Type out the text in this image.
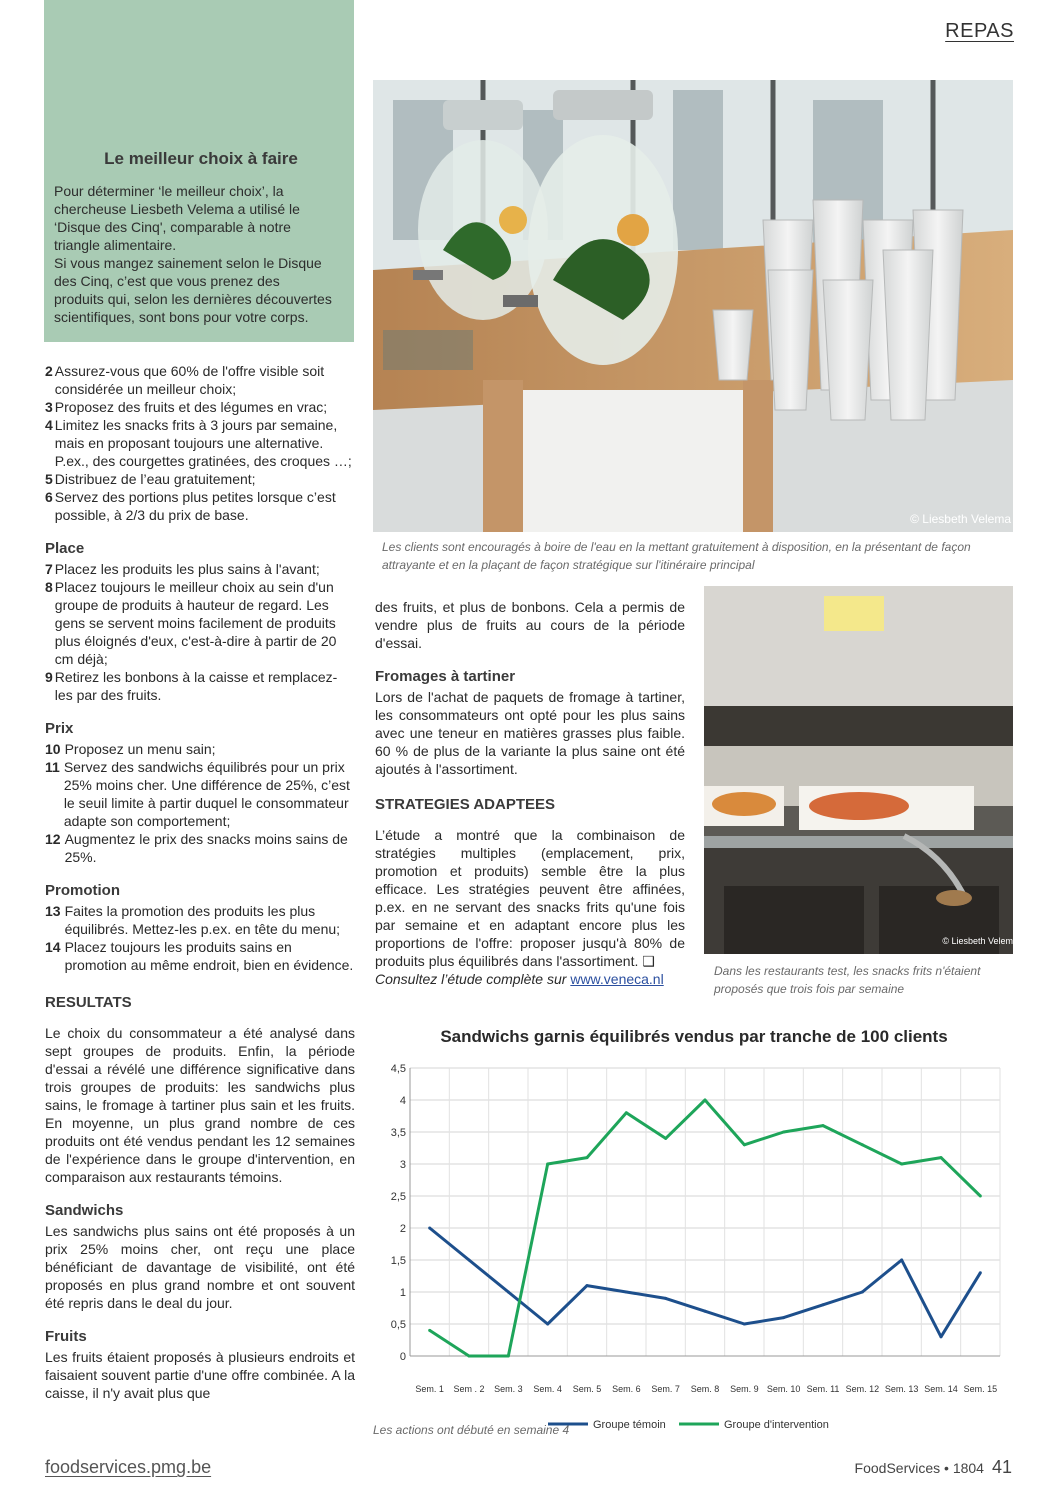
REPAS
Le meilleur choix à faire

Pour déterminer ‘le meilleur choix’, la chercheuse Liesbeth Velema a utilisé le ‘Disque des Cinq', comparable à notre triangle alimentaire.

Si vous mangez sainement selon le Disque des Cinq, c’est que vous prenez des produits qui, selon les dernières découvertes scientifiques, sont bons pour votre corps.

2 Assurez-vous que 60% de l'offre visible soit considérée un meilleur choix;
3 Proposez des fruits et des légumes en vrac;
4 Limitez les snacks frits à 3 jours par semaine, mais en proposant toujours une alternative. P.ex., des courgettes gratinées, des croques …;
5 Distribuez de l’eau gratuitement;
6 Servez des portions plus petites lorsque c’est possible, à 2/3 du prix de base.
Place
7 Placez les produits les plus sains à l'avant;
8 Placez toujours le meilleur choix au sein d'un groupe de produits à hauteur de regard. Les gens se servent moins facilement de produits plus éloignés d'eux, c'est-à-dire à partir de 20 cm déjà;
9 Retirez les bonbons à la caisse et remplacez-les par des fruits.
Prix
10 Proposez un menu sain;
11 Servez des sandwichs équilibrés pour un prix 25% moins cher. Une différence de 25%, c’est le seuil limite à partir duquel le consommateur adapte son comportement;
12 Augmentez le prix des snacks moins sains de 25%.
Promotion
13 Faites la promotion des produits les plus équilibrés. Mettez-les p.ex. en tête du menu;
14 Placez toujours les produits sains en promotion au même endroit, bien en évidence.
RESULTATS

Le choix du consommateur a été analysé dans sept groupes de produits. Enfin, la période d'essai a révélé une différence significative dans trois groupes de produits: les sandwichs plus sains, le fromage à tartiner plus sain et les fruits. En moyenne, un plus grand nombre de ces produits ont été vendus pendant les 12 semaines de l'expérience dans le groupe d'intervention, en comparaison aux restaurants témoins.

Sandwichs

Les sandwichs plus sains ont été proposés à un prix 25% moins cher, ont reçu une place bénéficiant de davantage de visibilité, ont été proposés en plus grand nombre et ont souvent été repris dans le deal du jour.

Fruits

Les fruits étaient proposés à plusieurs endroits et faisaient souvent partie d'une offre combinée. A la caisse, il n'y avait plus que

© Liesbeth Velema
Les clients sont encouragés à boire de l'eau en la mettant gratuitement à disposition, en la présentant de façon attrayante et en la plaçant de façon stratégique sur l'itinéraire principal
© Liesbeth Velem
Dans les restaurants test, les snacks frits n'étaient proposés que trois fois par semaine

des fruits, et plus de bonbons. Cela a permis de vendre plus de fruits au cours de la période d'essai.

Fromages à tartiner

Lors de l'achat de paquets de fromage à tartiner, les consommateurs ont opté pour les plus sains avec une teneur en matières grasses plus faible. 60 % de plus de la variante la plus saine ont été ajoutés à l'assortiment.

STRATEGIES ADAPTEES

L’étude a montré que la combinaison de stratégies multiples (emplacement, prix, promotion et produits) semble être la plus efficace. Les stratégies peuvent être affinées, p.ex. en ne servant des snacks frits qu'une fois par semaine et en adaptant encore plus les proportions de l'offre: proposer jusqu'à 80% de produits plus équilibrés dans l'assortiment. ❑
Consultez l’étude complète sur www.veneca.nl

Sandwichs garnis équilibrés vendus par tranche de 100 clients
0
0,5
1
1,5
2
2,5
3
3,5
4
4,5
Sem. 1 Sem . 2 Sem. 3 Sem. 4 Sem. 5 Sem. 6 Sem. 7 Sem. 8 Sem. 9 Sem. 10 Sem. 11 Sem. 12 Sem. 13 Sem. 14 Sem. 15
Groupe témoin	Groupe d'intervention
Les actions ont débuté en semaine 4
foodservices.pmg.be	FoodServices • 1804 41
